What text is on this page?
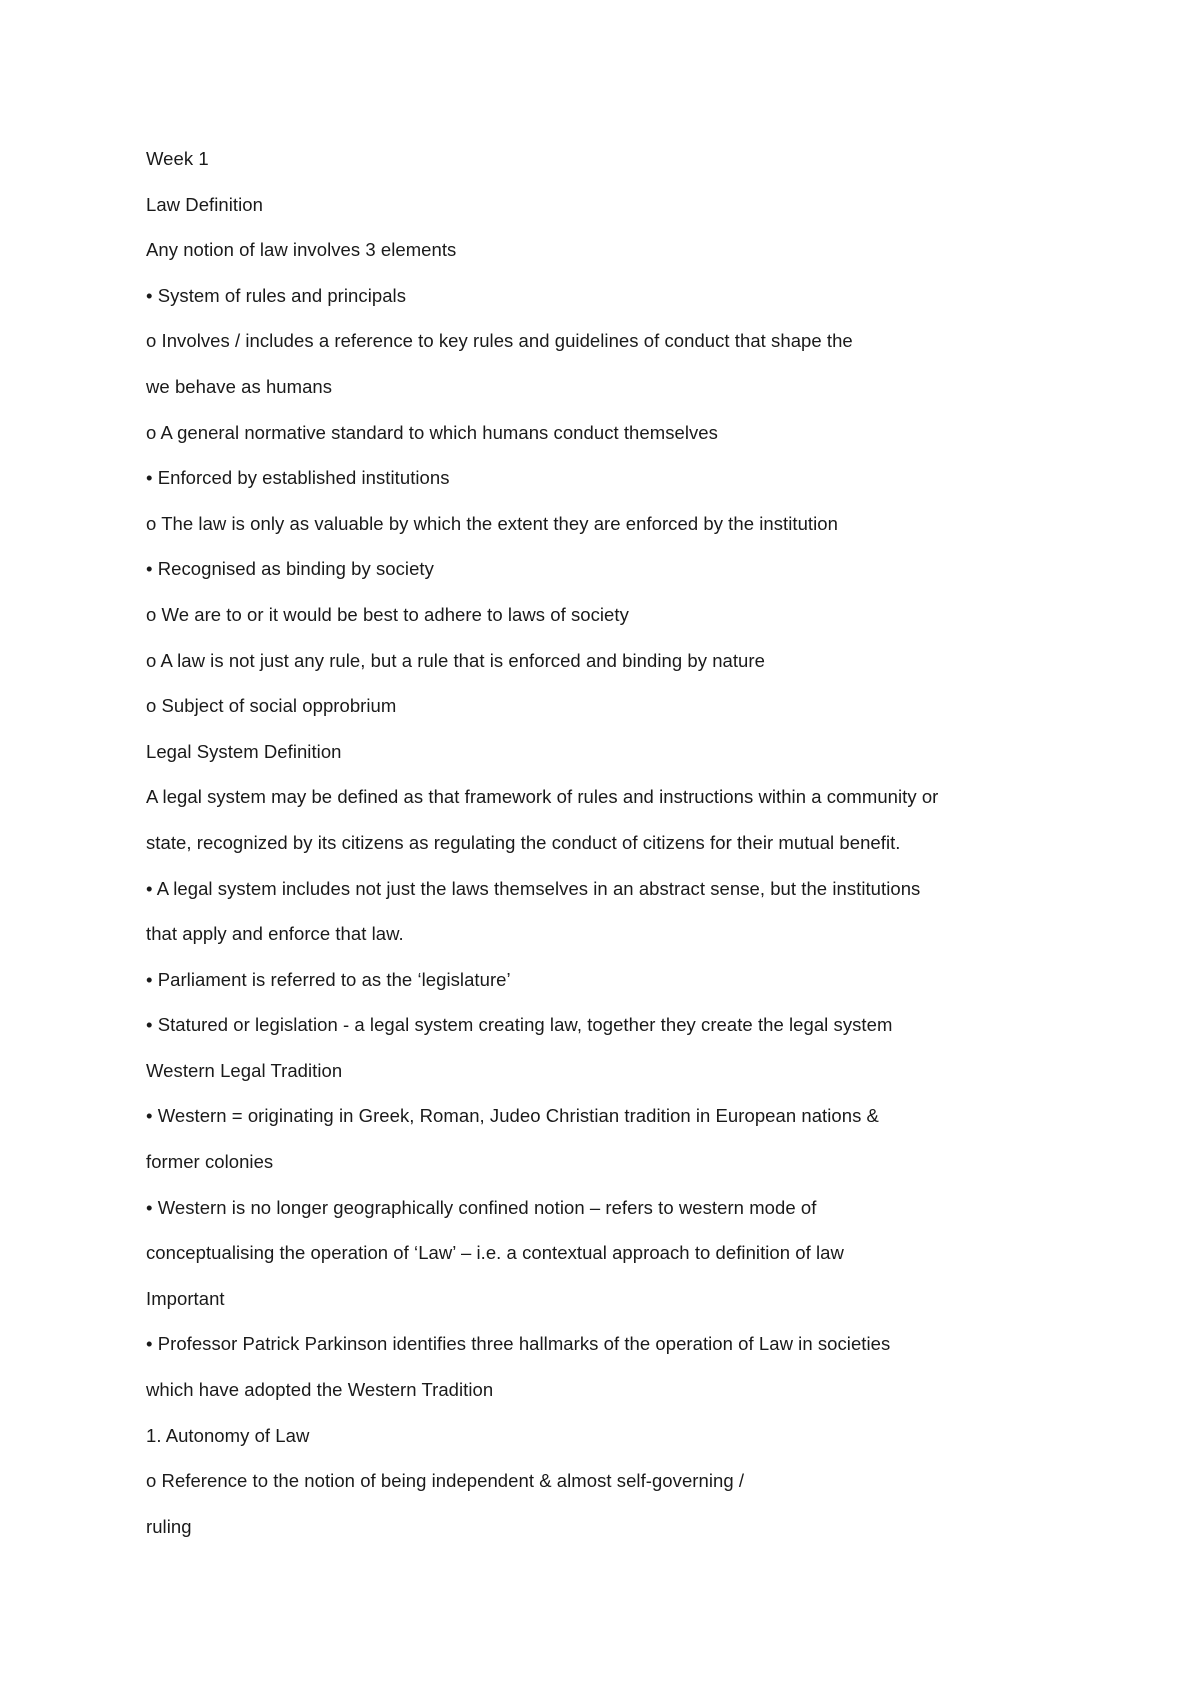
Week 1
Law Definition
Any notion of law involves 3 elements
• System of rules and principals
o Involves / includes a reference to key rules and guidelines of conduct that shape the
we behave as humans
o A general normative standard to which humans conduct themselves
• Enforced by established institutions
o The law is only as valuable by which the extent they are enforced by the institution
• Recognised as binding by society
o We are to or it would be best to adhere to laws of society
o A law is not just any rule, but a rule that is enforced and binding by nature
o Subject of social opprobrium
Legal System Definition
A legal system may be defined as that framework of rules and instructions within a community or
state, recognized by its citizens as regulating the conduct of citizens for their mutual benefit.
• A legal system includes not just the laws themselves in an abstract sense, but the institutions
that apply and enforce that law.
• Parliament is referred to as the ‘legislature’
• Statured or legislation - a legal system creating law, together they create the legal system
Western Legal Tradition
• Western = originating in Greek, Roman, Judeo Christian tradition in European nations &
former colonies
• Western is no longer geographically confined notion – refers to western mode of
conceptualising the operation of ‘Law’ – i.e. a contextual approach to definition of law
Important
• Professor Patrick Parkinson identifies three hallmarks of the operation of Law in societies
which have adopted the Western Tradition
1. Autonomy of Law
o Reference to the notion of being independent & almost self-governing /
ruling
